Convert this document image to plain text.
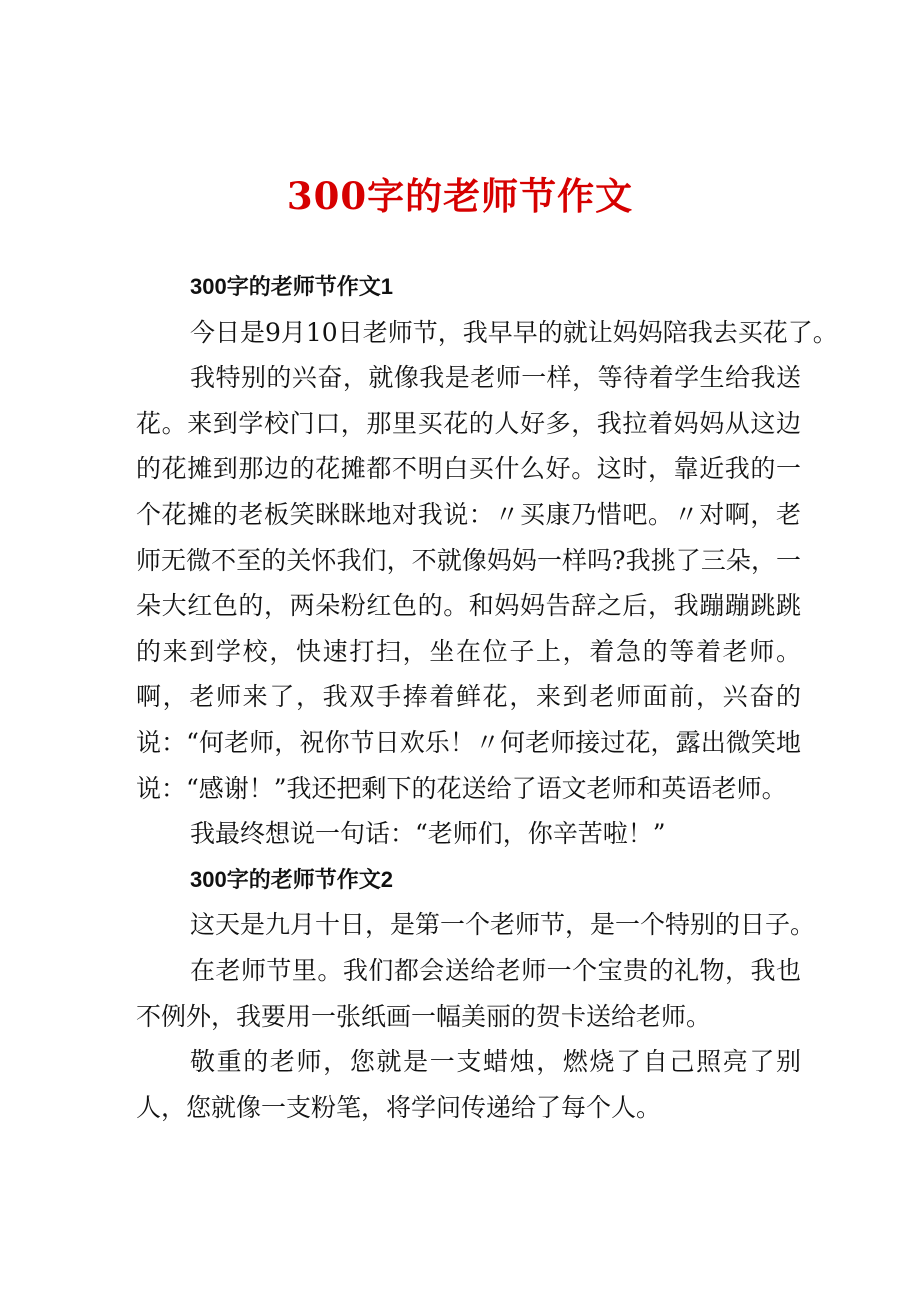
300字的老师节作文

300字的老师节作文1

今日是9月10日老师节，我早早的就让妈妈陪我去买花了。

我特别的兴奋，就像我是老师一样，等待着学生给我送花。来到学校门口，那里买花的人好多，我拉着妈妈从这边的花摊到那边的花摊都不明白买什么好。这时，靠近我的一个花摊的老板笑眯眯地对我说：〃买康乃惜吧。〃对啊，老师无微不至的关怀我们，不就像妈妈一样吗?我挑了三朵，一朵大红色的，两朵粉红色的。和妈妈告辞之后，我蹦蹦跳跳的来到学校，快速打扫，坐在位子上，着急的等着老师。啊，老师来了，我双手捧着鲜花，来到老师面前，兴奋的说：“何老师，祝你节日欢乐！〃何老师接过花，露出微笑地说：“感谢！”我还把剩下的花送给了语文老师和英语老师。

我最终想说一句话：“老师们，你辛苦啦！”

300字的老师节作文2

这天是九月十日，是第一个老师节，是一个特别的日子。

在老师节里。我们都会送给老师一个宝贵的礼物，我也不例外，我要用一张纸画一幅美丽的贺卡送给老师。

敬重的老师，您就是一支蜡烛，燃烧了自己照亮了别人，您就像一支粉笔，将学问传递给了每个人。
